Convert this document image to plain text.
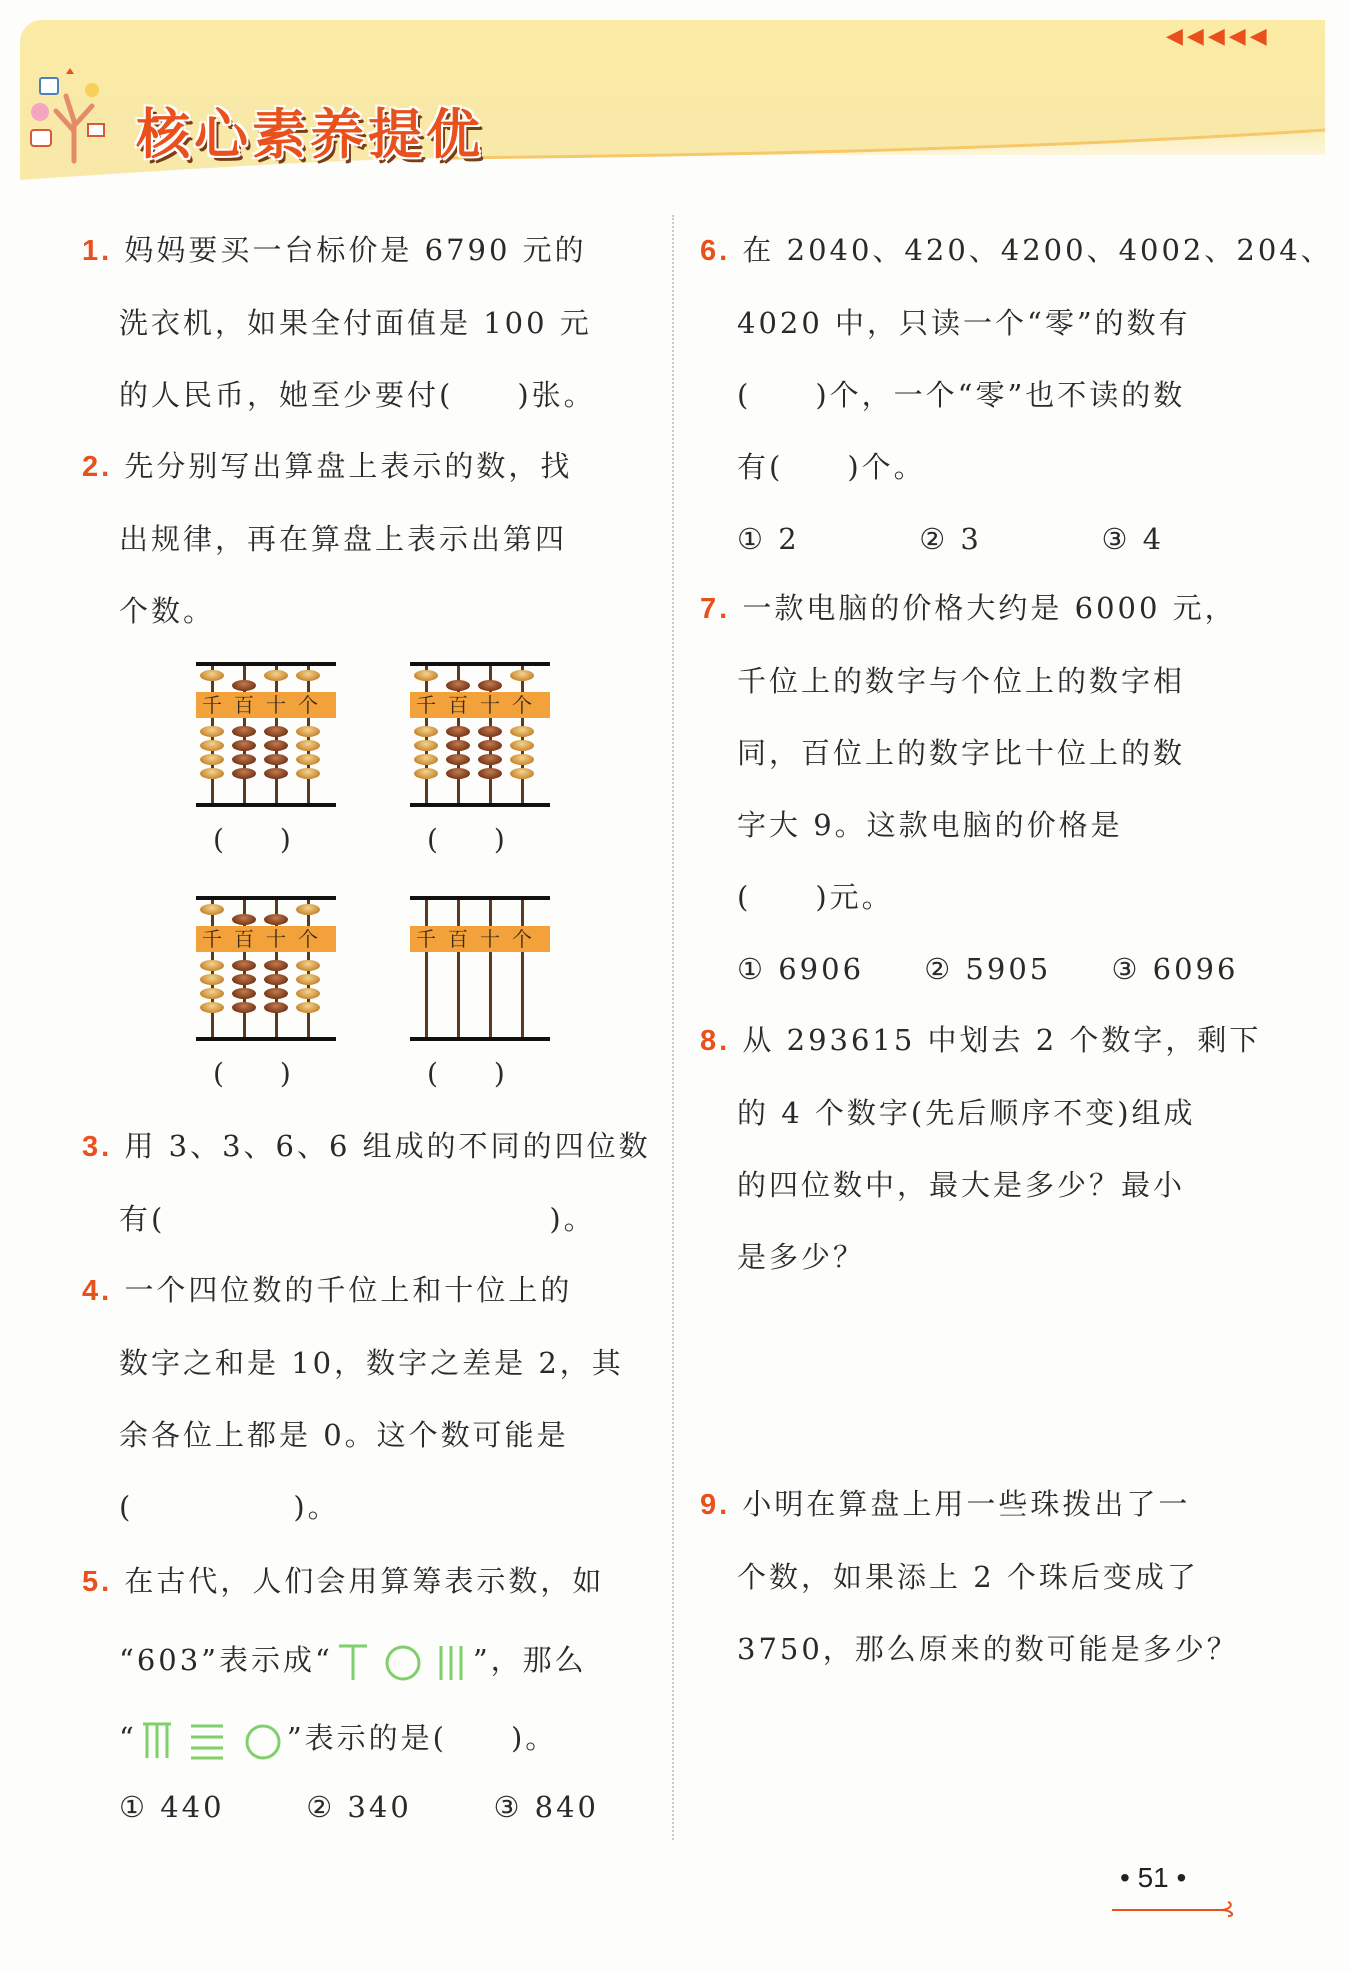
核心素养提优
◀ ◀ ◀ ◀ ◀
1. 妈妈要买一台标价是 6790 元的
洗衣机，如果全付面值是 100 元
的人民币，她至少要付(　　)张。
2. 先分别写出算盘上表示的数，找
出规律，再在算盘上表示出第四
个数。
千 百 十 个	千 百 十 个
千 百 十 个	千 百 十 个
(　　)	(　　)
(　　)	(　　)
3. 用 3、3、6、6 组成的不同的四位数
有(　　　　　　　　　　　　)。
4. 一个四位数的千位上和十位上的
数字之和是 10，数字之差是 2，其
余各位上都是 0。这个数可能是
(　　　　　)。
5. 在古代，人们会用算筹表示数，如
“603”表示成“	”，那么
“	”表示的是(　　)。
① 440	② 340	③ 840
6. 在 2040、420、4200、4002、204、
4020 中，只读一个“零”的数有
(　　)个，一个“零”也不读的数
有(　　)个。
① 2	② 3	③ 4
7. 一款电脑的价格大约是 6000 元，
千位上的数字与个位上的数字相
同，百位上的数字比十位上的数
字大 9。这款电脑的价格是
(　　)元。
① 6906 ② 5905 ③ 6096
8. 从 293615 中划去 2 个数字，剩下
的 4 个数字(先后顺序不变)组成
的四位数中，最大是多少？最小
是多少？
9. 小明在算盘上用一些珠拨出了一
个数，如果添上 2 个珠后变成了
3750，那么原来的数可能是多少？
• 51 •
